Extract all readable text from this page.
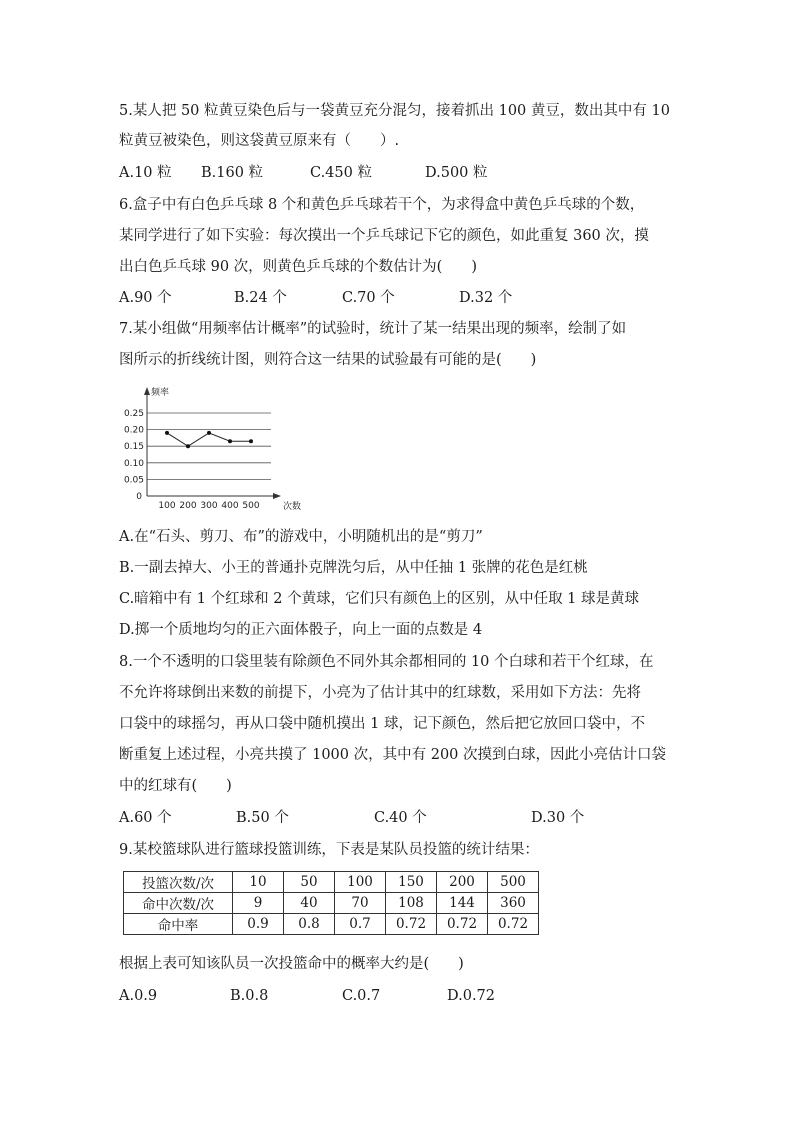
5.某人把 50 粒黄豆染色后与一袋黄豆充分混匀，接着抓出 100 黄豆，数出其中有 10
粒黄豆被染色，则这袋黄豆原来有（　　）.
A.10 粒 B.160 粒	C.450 粒	D.500 粒
6.盒子中有白色乒乓球 8 个和黄色乒乓球若干个，为求得盒中黄色乒乓球的个数，
某同学进行了如下实验：每次摸出一个乒乓球记下它的颜色，如此重复 360 次，摸
出白色乒乓球 90 次，则黄色乒乓球的个数估计为(　　)
A.90 个	B.24 个	C.70 个	D.32 个
7.某小组做“用频率估计概率”的试验时，统计了某一结果出现的频率，绘制了如
图所示的折线统计图，则符合这一结果的试验最有可能的是(　　)
频率
次数
0.25
0.20
0.15
0.10
0.05
0
100 200 300 400 500
A.在“石头、剪刀、布”的游戏中，小明随机出的是“剪刀”
B.一副去掉大、小王的普通扑克牌洗匀后，从中任抽 1 张牌的花色是红桃
C.暗箱中有 1 个红球和 2 个黄球，它们只有颜色上的区别，从中任取 1 球是黄球
D.掷一个质地均匀的正六面体骰子，向上一面的点数是 4
8.一个不透明的口袋里装有除颜色不同外其余都相同的 10 个白球和若干个红球，在
不允许将球倒出来数的前提下，小亮为了估计其中的红球数，采用如下方法：先将
口袋中的球摇匀，再从口袋中随机摸出 1 球，记下颜色，然后把它放回口袋中，不
断重复上述过程，小亮共摸了 1000 次，其中有 200 次摸到白球，因此小亮估计口袋
中的红球有(　　)
A.60 个	B.50 个	C.40 个	D.30 个
9.某校篮球队进行篮球投篮训练，下表是某队员投篮的统计结果：
投篮次数/次	10	50	100	150	200	500
命中次数/次	9	40	70	108	144	360
命中率	0.9	0.8	0.7	0.72	0.72	0.72
根据上表可知该队员一次投篮命中的概率大约是(　　)
A.0.9	B.0.8	C.0.7	D.0.72
